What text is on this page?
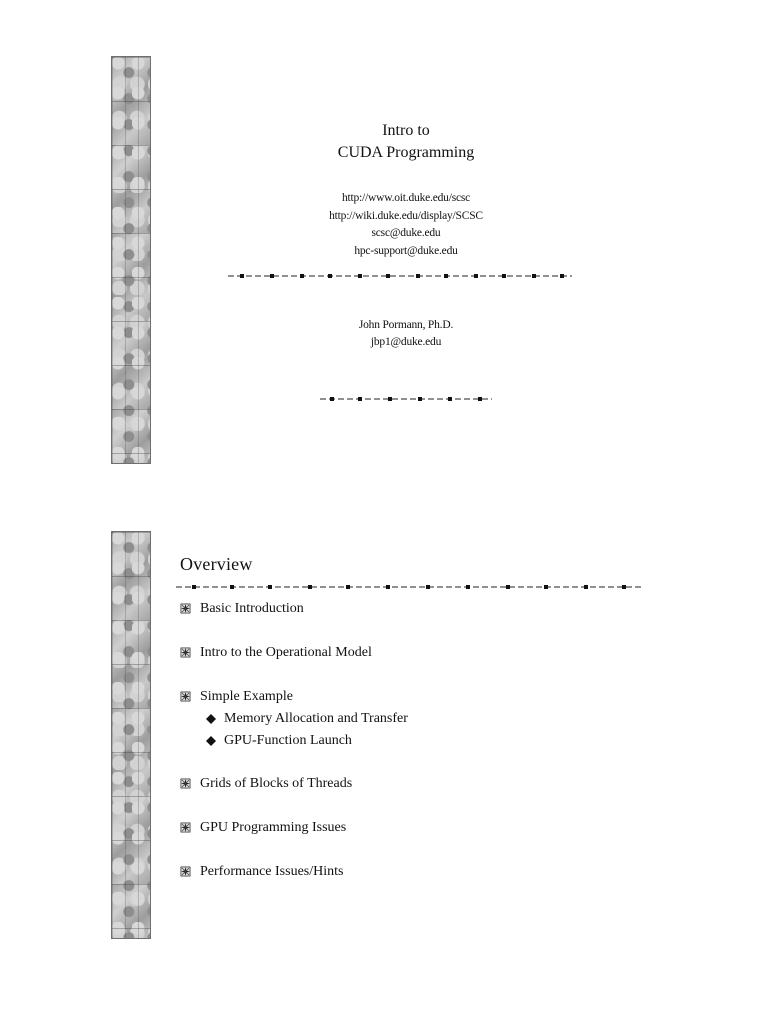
Intro to
CUDA Programming
http://www.oit.duke.edu/scsc
http://wiki.duke.edu/display/SCSC
scsc@duke.edu
hpc-support@duke.edu
John Pormann, Ph.D.
jbp1@duke.edu
Overview
Basic Introduction
Intro to the Operational Model
Simple Example
Memory Allocation and Transfer
GPU-Function Launch
Grids of Blocks of Threads
GPU Programming Issues
Performance Issues/Hints
